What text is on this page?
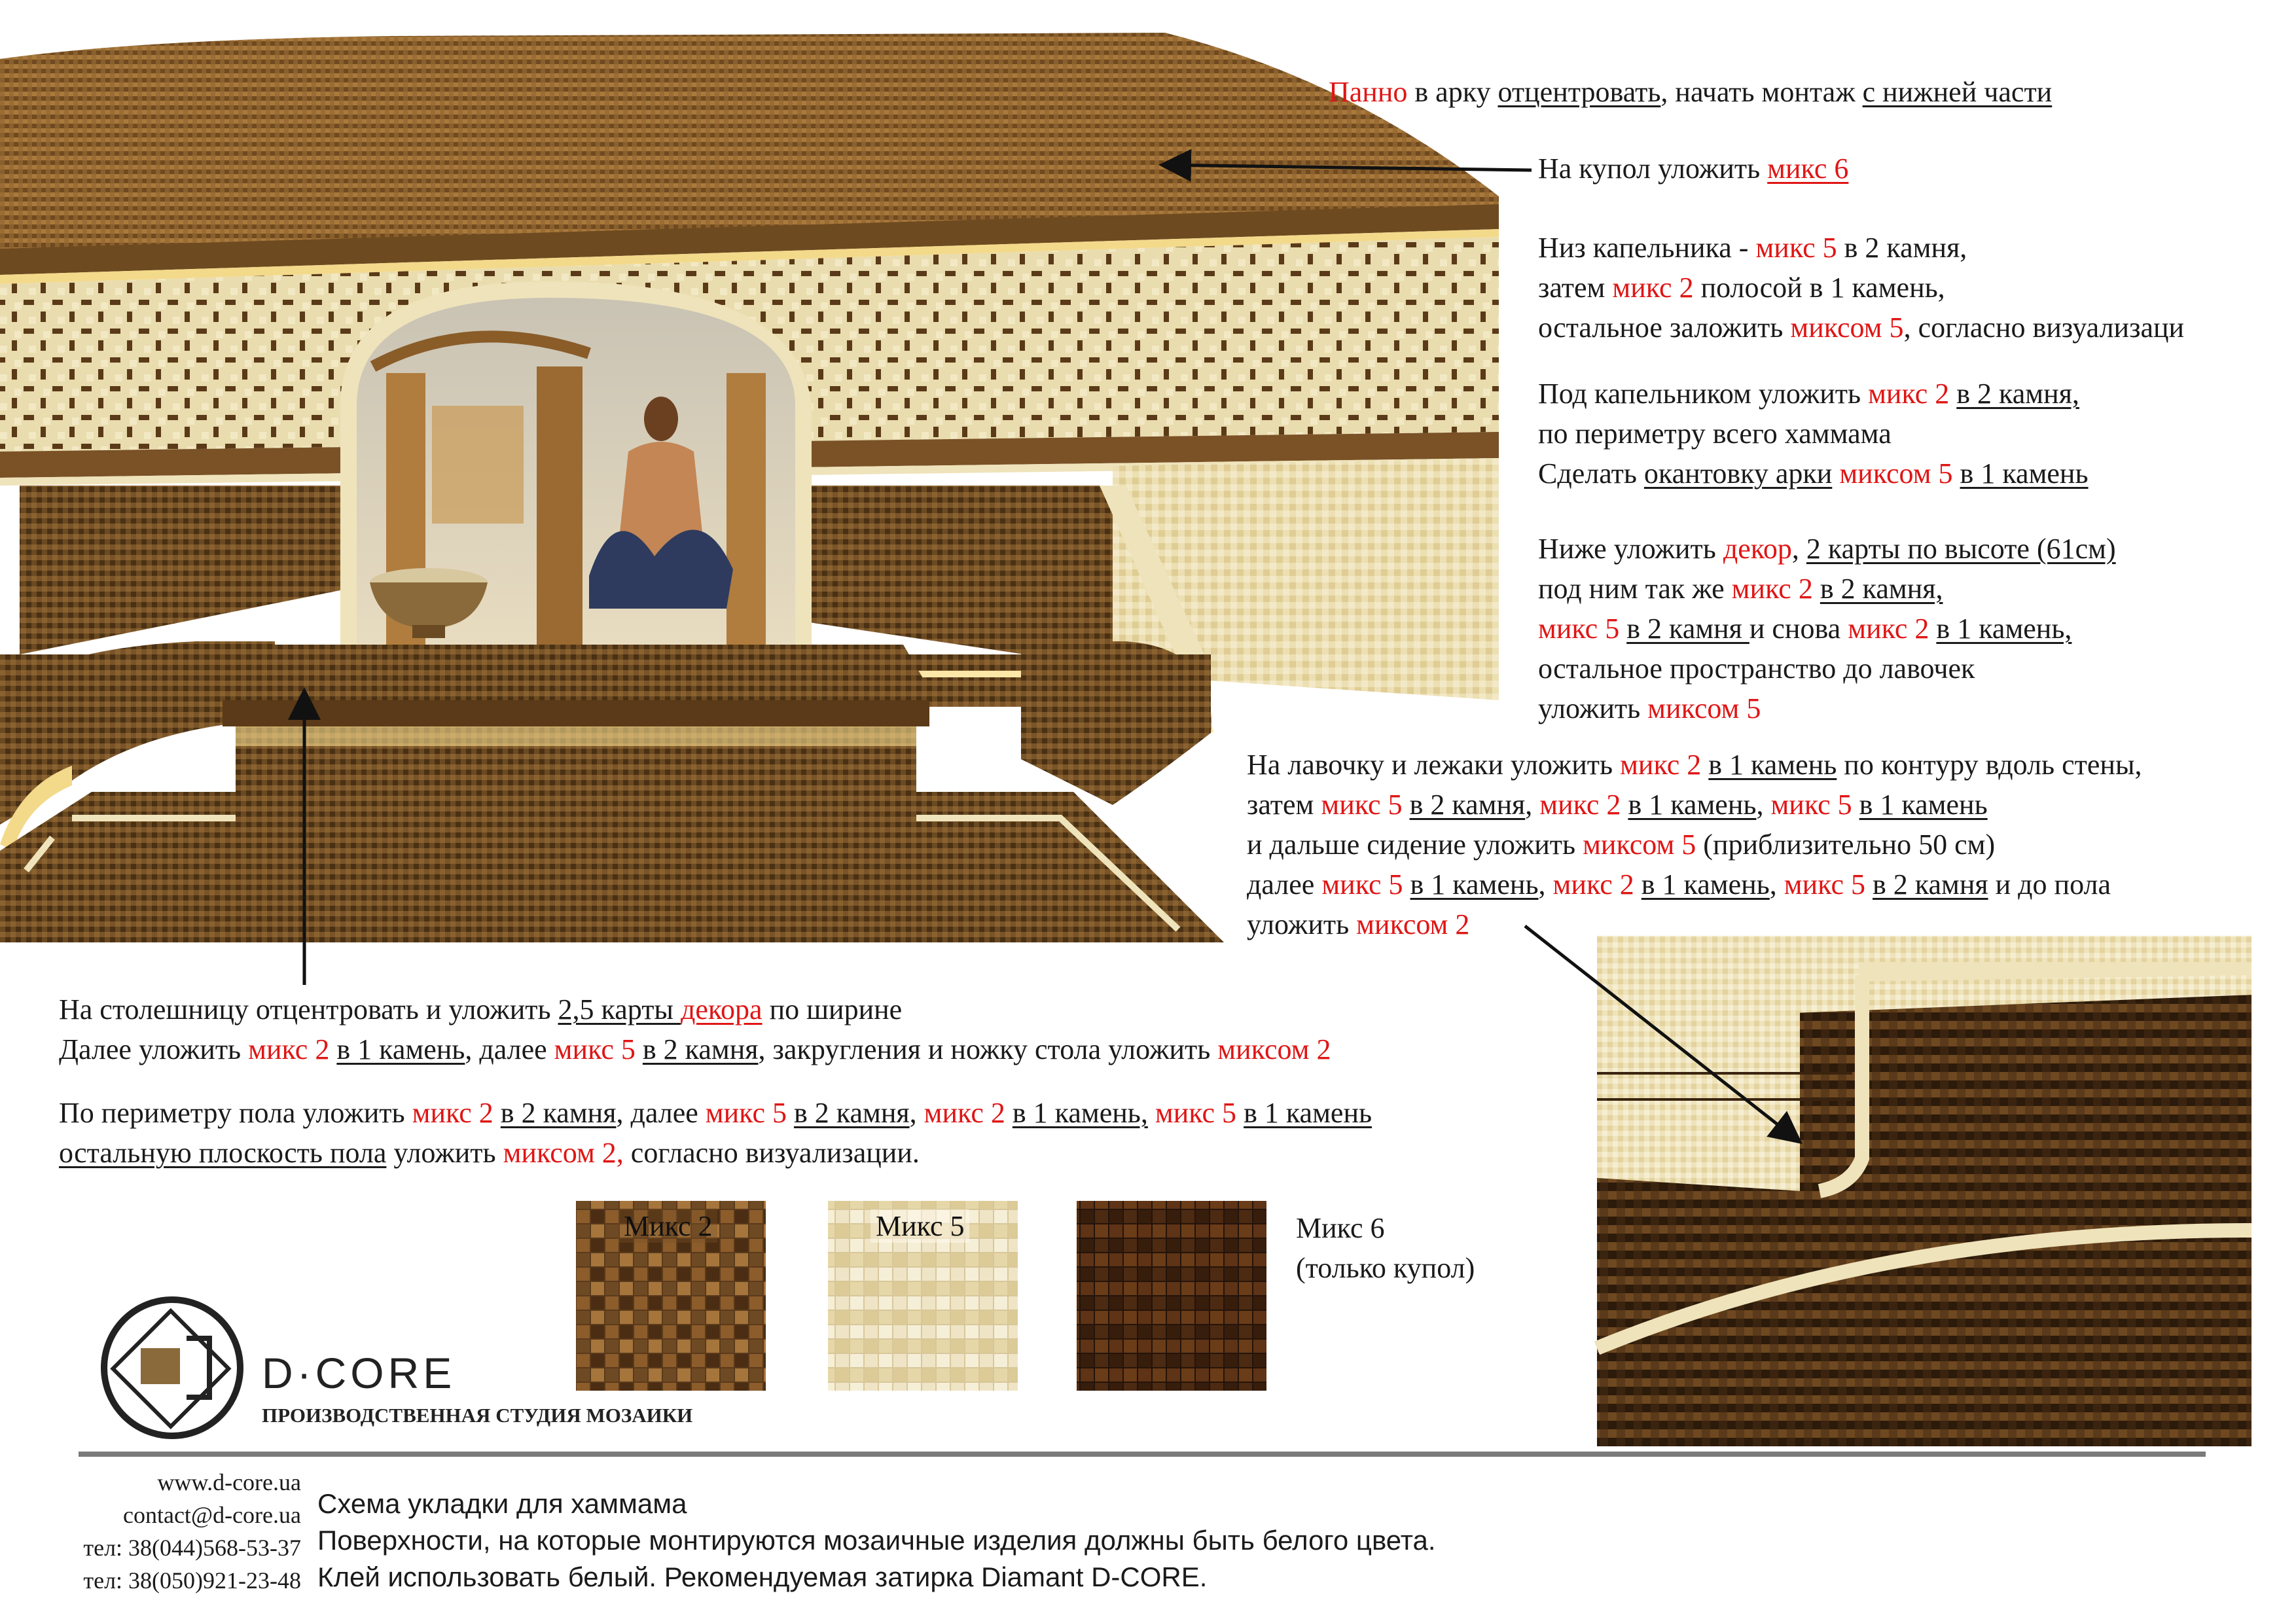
Панно в арку отцентровать, начать монтаж с нижней части
На купол уложить микс 6
Низ капельника - микс 5 в 2 камня,
затем микс 2 полосой в 1 камень,
остальное заложить миксом 5, согласно визуализаци
Под капельником уложить микс 2 в 2 камня,
по периметру всего хаммама
Сделать окантовку арки миксом 5 в 1 камень
Ниже уложить декор, 2 карты по высоте (61см)
под ним так же микс 2 в 2 камня,
микс 5 в 2 камня и снова микс 2 в 1 камень,
остальное пространство до лавочек
уложить миксом 5
На лавочку и лежаки уложить микс 2 в 1 камень по контуру вдоль стены,
затем микс 5 в 2 камня, микс 2 в 1 камень, микс 5 в 1 камень
и дальше сидение уложить миксом 5 (приблизительно 50 см)
далее микс 5 в 1 камень, микс 2 в 1 камень, микс 5 в 2 камня и до пола
уложить миксом 2
На столешницу отцентровать и уложить 2,5 карты декора по ширине
Далее уложить микс 2 в 1 камень, далее микс 5 в 2 камня, закругления и ножку стола уложить миксом 2
По периметру пола уложить микс 2 в 2 камня, далее микс 5 в 2 камня, микс 2 в 1 камень, микс 5 в 1 камень
остальную плоскость пола уложить миксом 2, согласно визуализации.
Микс 2	Микс 5	Микс 6
(только купол)
D·CORE
ПРОИЗВОДСТВЕННАЯ СТУДИЯ МОЗАИКИ
www.d-core.ua
contact@d-core.ua
тел: 38(044)568-53-37
тел: 38(050)921-23-48
Схема укладки для хаммама
Поверхности, на которые монтируются мозаичные изделия должны быть белого цвета.
Клей использовать белый. Рекомендуемая затирка Diamant D-CORE.
